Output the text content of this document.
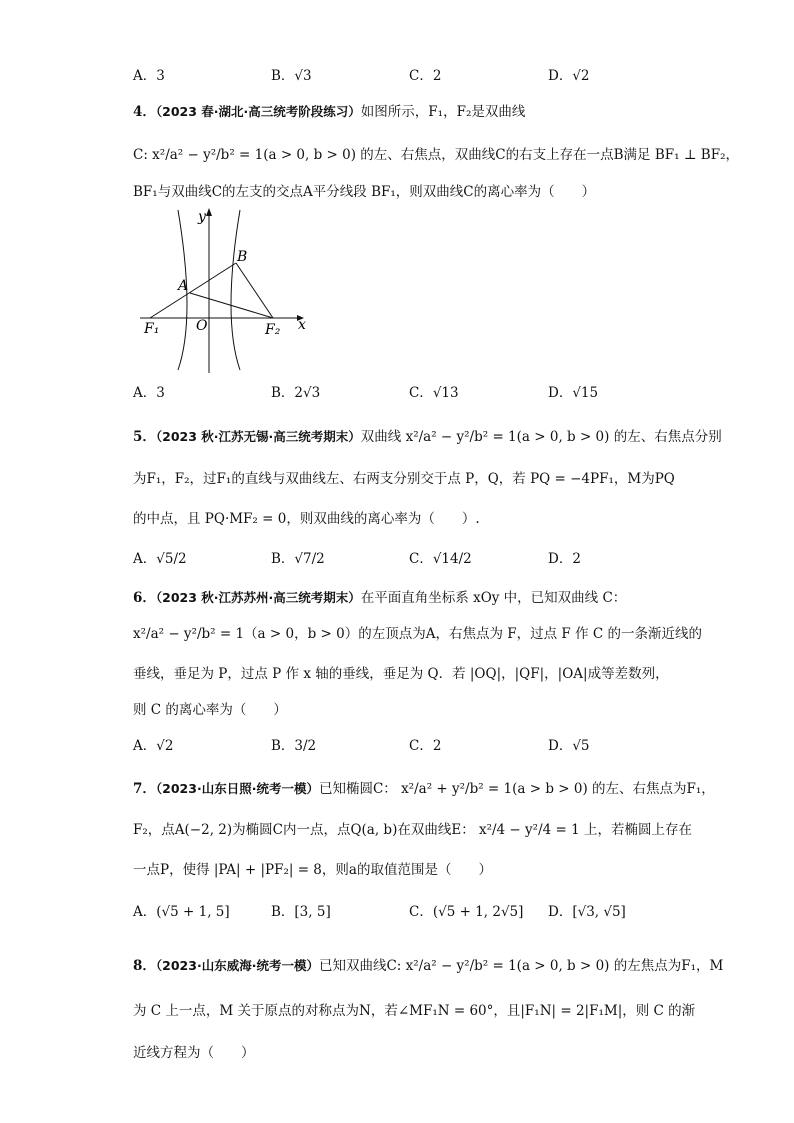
A．3	B．√3	C．2	D．√2
4．（2023 春·湖北·高三统考阶段练习）如图所示，F₁，F₂是双曲线
C: x²/a² − y²/b² = 1(a > 0, b > 0) 的左、右焦点，双曲线C的右支上存在一点B满足 BF₁ ⊥ BF₂，
BF₁与双曲线C的左支的交点A平分线段 BF₁，则双曲线C的离心率为（　　）
y
x
B
A
O
F₁	F₂
A．3	B．2√3	C．√13	D．√15
5．（2023 秋·江苏无锡·高三统考期末）双曲线 x²/a² − y²/b² = 1(a > 0, b > 0) 的左、右焦点分别
为F₁，F₂，过F₁的直线与双曲线左、右两支分别交于点 P，Q，若 PQ = −4PF₁，M为PQ
的中点，且 PQ·MF₂ = 0，则双曲线的离心率为（　　）.
A．√5/2	B．√7/2	C．√14/2	D．2
6．（2023 秋·江苏苏州·高三统考期末）在平面直角坐标系 xOy 中，已知双曲线 C：
x²/a² − y²/b² = 1（a > 0，b > 0）的左顶点为A，右焦点为 F，过点 F 作 C 的一条渐近线的
垂线，垂足为 P，过点 P 作 x 轴的垂线，垂足为 Q．若 |OQ|，|QF|，|OA|成等差数列，
则 C 的离心率为（　　）
A．√2	B．3/2	C．2	D．√5
7．（2023·山东日照·统考一模）已知椭圆C： x²/a² + y²/b² = 1(a > b > 0) 的左、右焦点为F₁，
F₂，点A(−2, 2)为椭圆C内一点，点Q(a, b)在双曲线E： x²/4 − y²/4 = 1 上，若椭圆上存在
一点P，使得 |PA| + |PF₂| = 8，则a的取值范围是（　　）
A．(√5 + 1, 5]	B．[3, 5]	C．(√5 + 1, 2√5] D．[√3, √5]
8．（2023·山东威海·统考一模）已知双曲线C: x²/a² − y²/b² = 1(a > 0, b > 0) 的左焦点为F₁，M
为 C 上一点，M 关于原点的对称点为N，若∠MF₁N = 60°，且|F₁N| = 2|F₁M|，则 C 的渐
近线方程为（　　）
